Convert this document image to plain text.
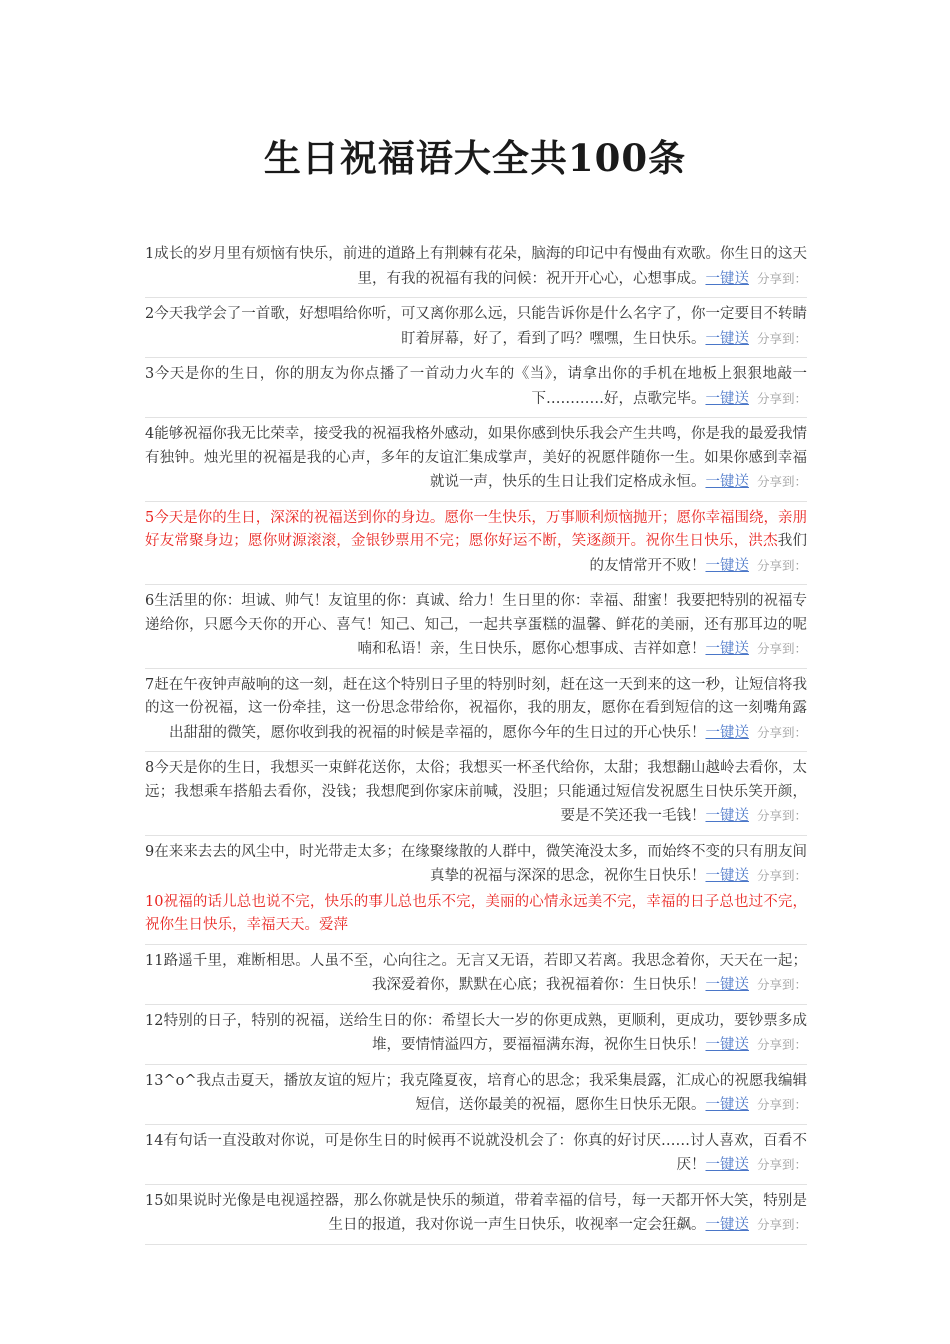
生日祝福语大全共100条

1成长的岁月里有烦恼有快乐，前进的道路上有荆棘有花朵，脑海的印记中有慢曲有欢歌。你生日的这天里，有我的祝福有我的问候：祝开开心心，心想事成。一键送 分享到：

2今天我学会了一首歌，好想唱给你听，可又离你那么远，只能告诉你是什么名字了，你一定要目不转睛盯着屏幕，好了，看到了吗？嘿嘿，生日快乐。一键送 分享到：

3今天是你的生日，你的朋友为你点播了一首动力火车的《当》，请拿出你的手机在地板上狠狠地敲一下…………好，点歌完毕。一键送 分享到：

4能够祝福你我无比荣幸，接受我的祝福我格外感动，如果你感到快乐我会产生共鸣，你是我的最爱我情有独钟。烛光里的祝福是我的心声，多年的友谊汇集成掌声，美好的祝愿伴随你一生。如果你感到幸福就说一声，快乐的生日让我们定格成永恒。一键送 分享到：

5今天是你的生日，深深的祝福送到你的身边。愿你一生快乐，万事顺利烦恼抛开；愿你幸福围绕，亲朋好友常聚身边；愿你财源滚滚，金银钞票用不完；愿你好运不断，笑逐颜开。祝你生日快乐，洪杰我们的友情常开不败！一键送 分享到：

6生活里的你：坦诚、帅气！友谊里的你：真诚、给力！生日里的你：幸福、甜蜜！我要把特别的祝福专递给你，只愿今天你的开心、喜气！知己、知己，一起共享蛋糕的温馨、鲜花的美丽，还有那耳边的呢喃和私语！亲，生日快乐，愿你心想事成、吉祥如意！一键送 分享到：

7赶在午夜钟声敲响的这一刻，赶在这个特别日子里的特别时刻，赶在这一天到来的这一秒，让短信将我的这一份祝福，这一份牵挂，这一份思念带给你，祝福你，我的朋友，愿你在看到短信的这一刻嘴角露出甜甜的微笑，愿你收到我的祝福的时候是幸福的，愿你今年的生日过的开心快乐！一键送 分享到：

8今天是你的生日，我想买一束鲜花送你，太俗；我想买一杯圣代给你，太甜；我想翻山越岭去看你，太远；我想乘车搭船去看你，没钱；我想爬到你家床前喊，没胆；只能通过短信发祝愿生日快乐笑开颜，要是不笑还我一毛钱！一键送 分享到：

9在来来去去的风尘中，时光带走太多；在缘聚缘散的人群中，微笑淹没太多，而始终不变的只有朋友间真挚的祝福与深深的思念，祝你生日快乐！一键送 分享到：

10祝福的话儿总也说不完，快乐的事儿总也乐不完，美丽的心情永远美不完，幸福的日子总也过不完，祝你生日快乐，幸福天天。爱萍

11路遥千里，难断相思。人虽不至，心向往之。无言又无语，若即又若离。我思念着你，天天在一起；我深爱着你，默默在心底；我祝福着你：生日快乐！一键送 分享到：

12特别的日子，特别的祝福，送给生日的你：希望长大一岁的你更成熟，更顺利，更成功，要钞票多成堆，要情情溢四方，要福福满东海，祝你生日快乐！一键送 分享到：

13^o^我点击夏天，播放友谊的短片；我克隆夏夜，培育心的思念；我采集晨露，汇成心的祝愿我编辑短信，送你最美的祝福，愿你生日快乐无限。一键送 分享到：

14有句话一直没敢对你说，可是你生日的时候再不说就没机会了：你真的好讨厌……讨人喜欢，百看不厌！一键送 分享到：

15如果说时光像是电视遥控器，那么你就是快乐的频道，带着幸福的信号，每一天都开怀大笑，特别是生日的报道，我对你说一声生日快乐，收视率一定会狂飙。一键送 分享到：
